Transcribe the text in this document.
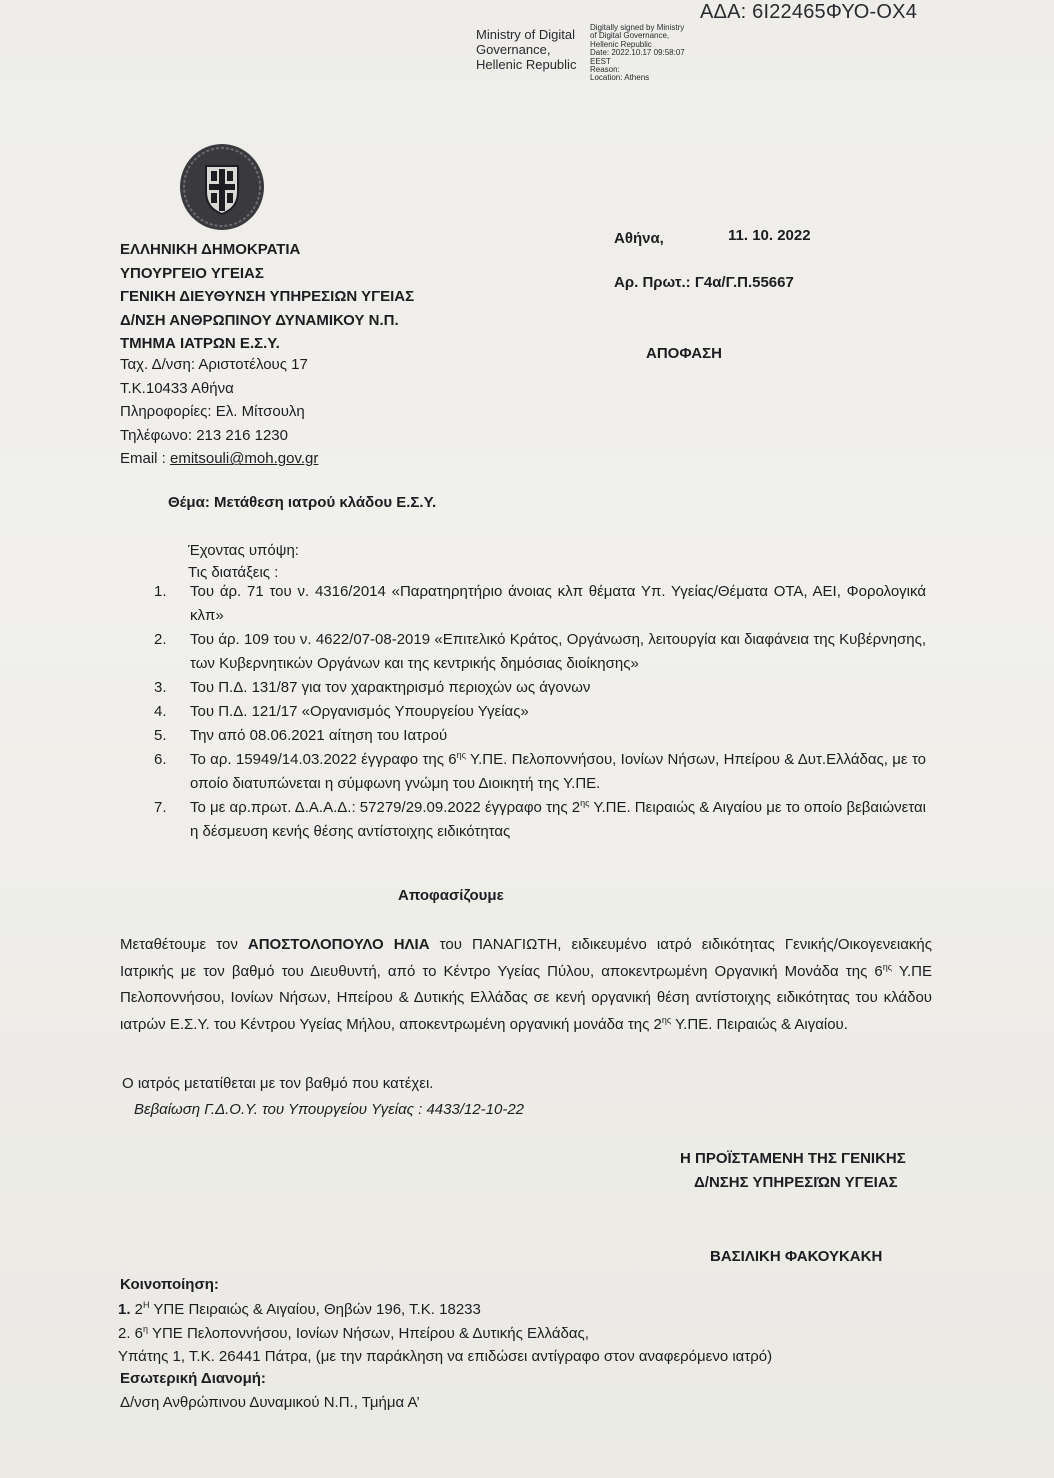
ΑΔΑ: 6Ι22465ΦΥΟ-ΟΧ4
Ministry of Digital
Governance,
Hellenic Republic
Digitally signed by Ministry
of Digital Governance,
Hellenic Republic
Date: 2022.10.17 09:58:07
EEST
Reason:
Location: Athens
ΕΛΛΗΝΙΚΗ ΔΗΜΟΚΡΑΤΙΑ
ΥΠΟΥΡΓΕΙΟ ΥΓΕΙΑΣ
ΓΕΝΙΚΗ ΔΙΕΥΘΥΝΣΗ ΥΠΗΡΕΣΙΩΝ ΥΓΕΙΑΣ
Δ/ΝΣΗ ΑΝΘΡΩΠΙΝΟΥ ΔΥΝΑΜΙΚΟΥ Ν.Π.
ΤΜΗΜΑ ΙΑΤΡΩΝ Ε.Σ.Υ.
Ταχ. Δ/νση: Αριστοτέλους 17
Τ.Κ.10433 Αθήνα
Πληροφορίες: Ελ. Μίτσουλη
Τηλέφωνο: 213 216 1230
Email : emitsouli@moh.gov.gr
Αθήνα,	11. 10. 2022
Αρ. Πρωτ.: Γ4α/Γ.Π.55667
ΑΠΟΦΑΣΗ
Θέμα: Μετάθεση ιατρού κλάδου Ε.Σ.Υ.
Έχοντας υπόψη:
Τις διατάξεις :
1.	Του άρ. 71 του ν. 4316/2014 «Παρατηρητήριο άνοιας κλπ θέματα Υπ. Υγείας/Θέματα ΟΤΑ, ΑΕΙ, Φορολογικά κλπ»
2.	Του άρ. 109 του ν. 4622/07-08-2019 «Επιτελικό Κράτος, Οργάνωση, λειτουργία και διαφάνεια της Κυβέρνησης, των Κυβερνητικών Οργάνων και της κεντρικής δημόσιας διοίκησης»
3.	Του Π.Δ. 131/87 για τον χαρακτηρισμό περιοχών ως άγονων
4.	Του Π.Δ. 121/17 «Οργανισμός Υπουργείου Υγείας»
5.	Την από 08.06.2021 αίτηση του Ιατρού
6.	Το αρ. 15949/14.03.2022 έγγραφο της $6^{\eta\varsigma}$ Υ.ΠΕ. Πελοποννήσου, Ιονίων Νήσων, Ηπείρου & Δυτ.Ελλάδας, με το οποίο διατυπώνεται η σύμφωνη γνώμη του Διοικητή της Υ.ΠΕ.
7.	Το με αρ.πρωτ. Δ.Α.Α.Δ.: 57279/29.09.2022 έγγραφο της $2^{\eta\varsigma}$ Υ.ΠΕ. Πειραιώς & Αιγαίου με το οποίο βεβαιώνεται η δέσμευση κενής θέσης αντίστοιχης ειδικότητας
Αποφασίζουμε
Μεταθέτουμε τον ΑΠΟΣΤΟΛΟΠΟΥΛΟ ΗΛΙΑ του ΠΑΝΑΓΙΩΤΗ, ειδικευμένο ιατρό ειδικότητας Γενικής/Οικογενειακής Ιατρικής με τον βαθμό του Διευθυντή, από το Κέντρο Υγείας Πύλου, αποκεντρωμένη Οργανική Μονάδα της $6^{\eta\varsigma}$ Υ.ΠΕ Πελοποννήσου, Ιονίων Νήσων, Ηπείρου & Δυτικής Ελλάδας σε κενή οργανική θέση αντίστοιχης ειδικότητας του κλάδου ιατρών Ε.Σ.Υ. του Κέντρου Υγείας Μήλου, αποκεντρωμένη οργανική μονάδα της $2^{\eta\varsigma}$ Υ.ΠΕ. Πειραιώς & Αιγαίου.
Ο ιατρός μετατίθεται με τον βαθμό που κατέχει.
Βεβαίωση Γ.Δ.Ο.Υ. του Υπουργείου Υγείας : 4433/12-10-22
Η ΠΡΟΪΣΤΑΜΕΝΗ ΤΗΣ ΓΕΝΙΚΗΣ
Δ/ΝΣΗΣ ΥΠΗΡΕΣΙΏΝ ΥΓΕΙΑΣ
ΒΑΣΙΛΙΚΗ ΦΑΚΟΥΚΑΚΗ
Κοινοποίηση:
1. $2^H$ ΥΠΕ Πειραιώς & Αιγαίου, Θηβών 196, Τ.Κ. 18233
2. $6^\eta$ ΥΠΕ Πελοποννήσου, Ιονίων Νήσων, Ηπείρου & Δυτικής Ελλάδας,
Υπάτης 1, Τ.Κ. 26441 Πάτρα, (με την παράκληση να επιδώσει αντίγραφο στον αναφερόμενο ιατρό)
Εσωτερική Διανομή:
Δ/νση Ανθρώπινου Δυναμικού Ν.Π., Τμήμα Α’
